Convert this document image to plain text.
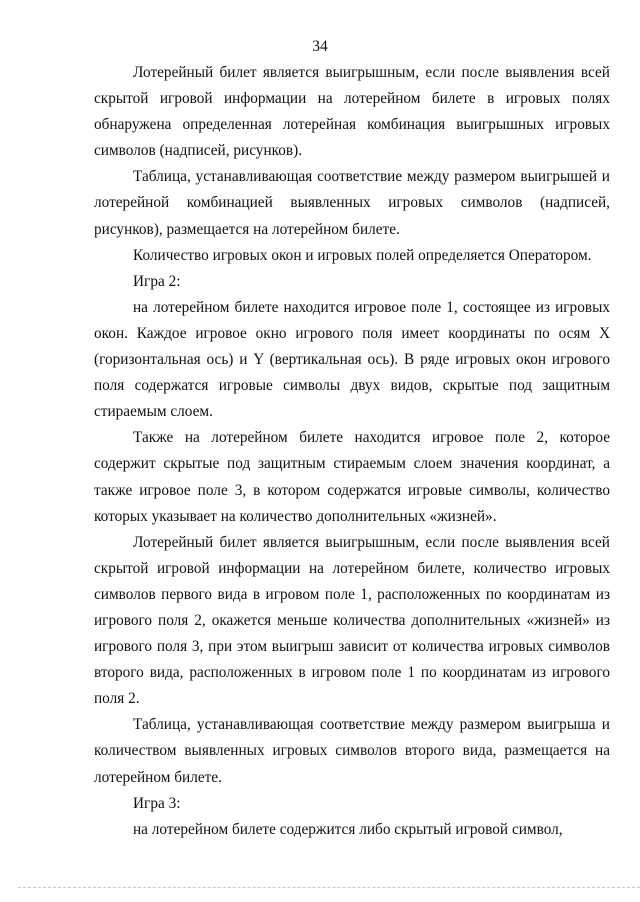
34

Лотерейный билет является выигрышным, если после выявления всей скрытой игровой информации на лотерейном билете в игровых полях обнаружена определенная лотерейная комбинация выигрышных игровых символов (надписей, рисунков).

Таблица, устанавливающая соответствие между размером выигрышей и лотерейной комбинацией выявленных игровых символов (надписей, рисунков), размещается на лотерейном билете.

Количество игровых окон и игровых полей определяется Оператором.

Игра 2:

на лотерейном билете находится игровое поле 1, состоящее из игровых окон. Каждое игровое окно игрового поля имеет координаты по осям X (горизонтальная ось) и Y (вертикальная ось). В ряде игровых окон игрового поля содержатся игровые символы двух видов, скрытые под защитным стираемым слоем.

Также на лотерейном билете находится игровое поле 2, которое содержит скрытые под защитным стираемым слоем значения координат, а также игровое поле 3, в котором содержатся игровые символы, количество которых указывает на количество дополнительных «жизней».

Лотерейный билет является выигрышным, если после выявления всей скрытой игровой информации на лотерейном билете, количество игровых символов первого вида в игровом поле 1, расположенных по координатам из игрового поля 2, окажется меньше количества дополнительных «жизней» из игрового поля 3, при этом выигрыш зависит от количества игровых символов второго вида, расположенных в игровом поле 1 по координатам из игрового поля 2.

Таблица, устанавливающая соответствие между размером выигрыша и количеством выявленных игровых символов второго вида, размещается на лотерейном билете.

Игра 3:

на лотерейном билете содержится либо скрытый игровой символ,
